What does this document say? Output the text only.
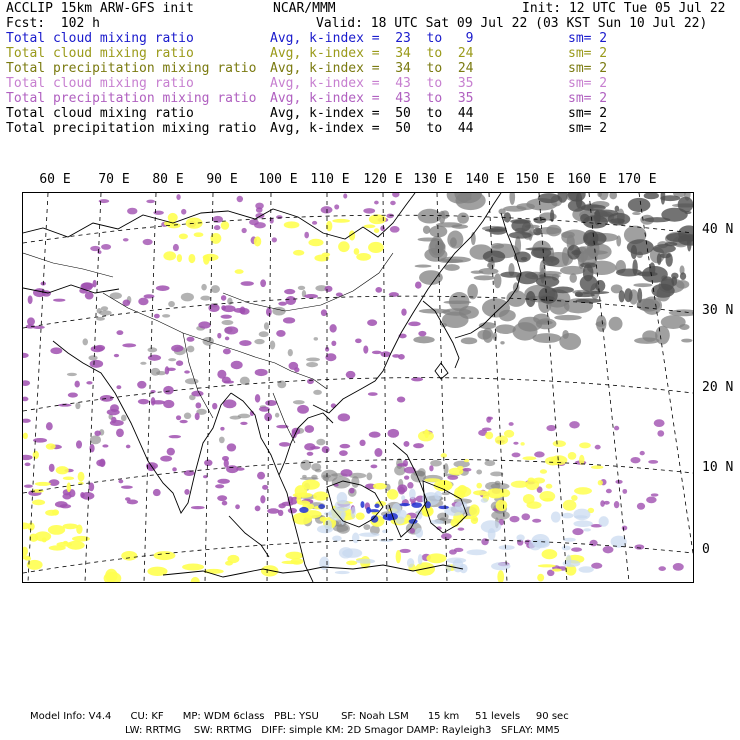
ACCLIP 15km ARW-GFS init	NCAR/MMM	Init: 12 UTC Tue 05 Jul 22
Fcst:  102 h	Valid: 18 UTC Sat 09 Jul 22 (03 KST Sun 10 Jul 22)
Total cloud mixing ratio	Avg, k-index =  23  to   9	sm= 2
Total cloud mixing ratio	Avg, k-index =  34  to  24	sm= 2
Total precipitation mixing ratio Avg, k-index =  34  to  24	sm= 2
Total cloud mixing ratio	Avg, k-index =  43  to  35	sm= 2
Total precipitation mixing ratio Avg, k-index =  43  to  35	sm= 2
Total cloud mixing ratio	Avg, k-index =  50  to  44	sm= 2
Total precipitation mixing ratio Avg, k-index =  50  to  44	sm= 2
60 E 70 E 80 E 90 E 100 E 110 E 120 E 130 E 140 E 150 E 160 E 170 E
40 N
30 N
20 N
10 N
0
Model Info: V4.4      CU: KF      MP: WDM 6class   PBL: YSU       SF: Noah LSM      15 km     51 levels     90 sec
LW: RRTMG    SW: RRTMG   DIFF: simple KM: 2D Smagor DAMP: Rayleigh3   SFLAY: MM5
